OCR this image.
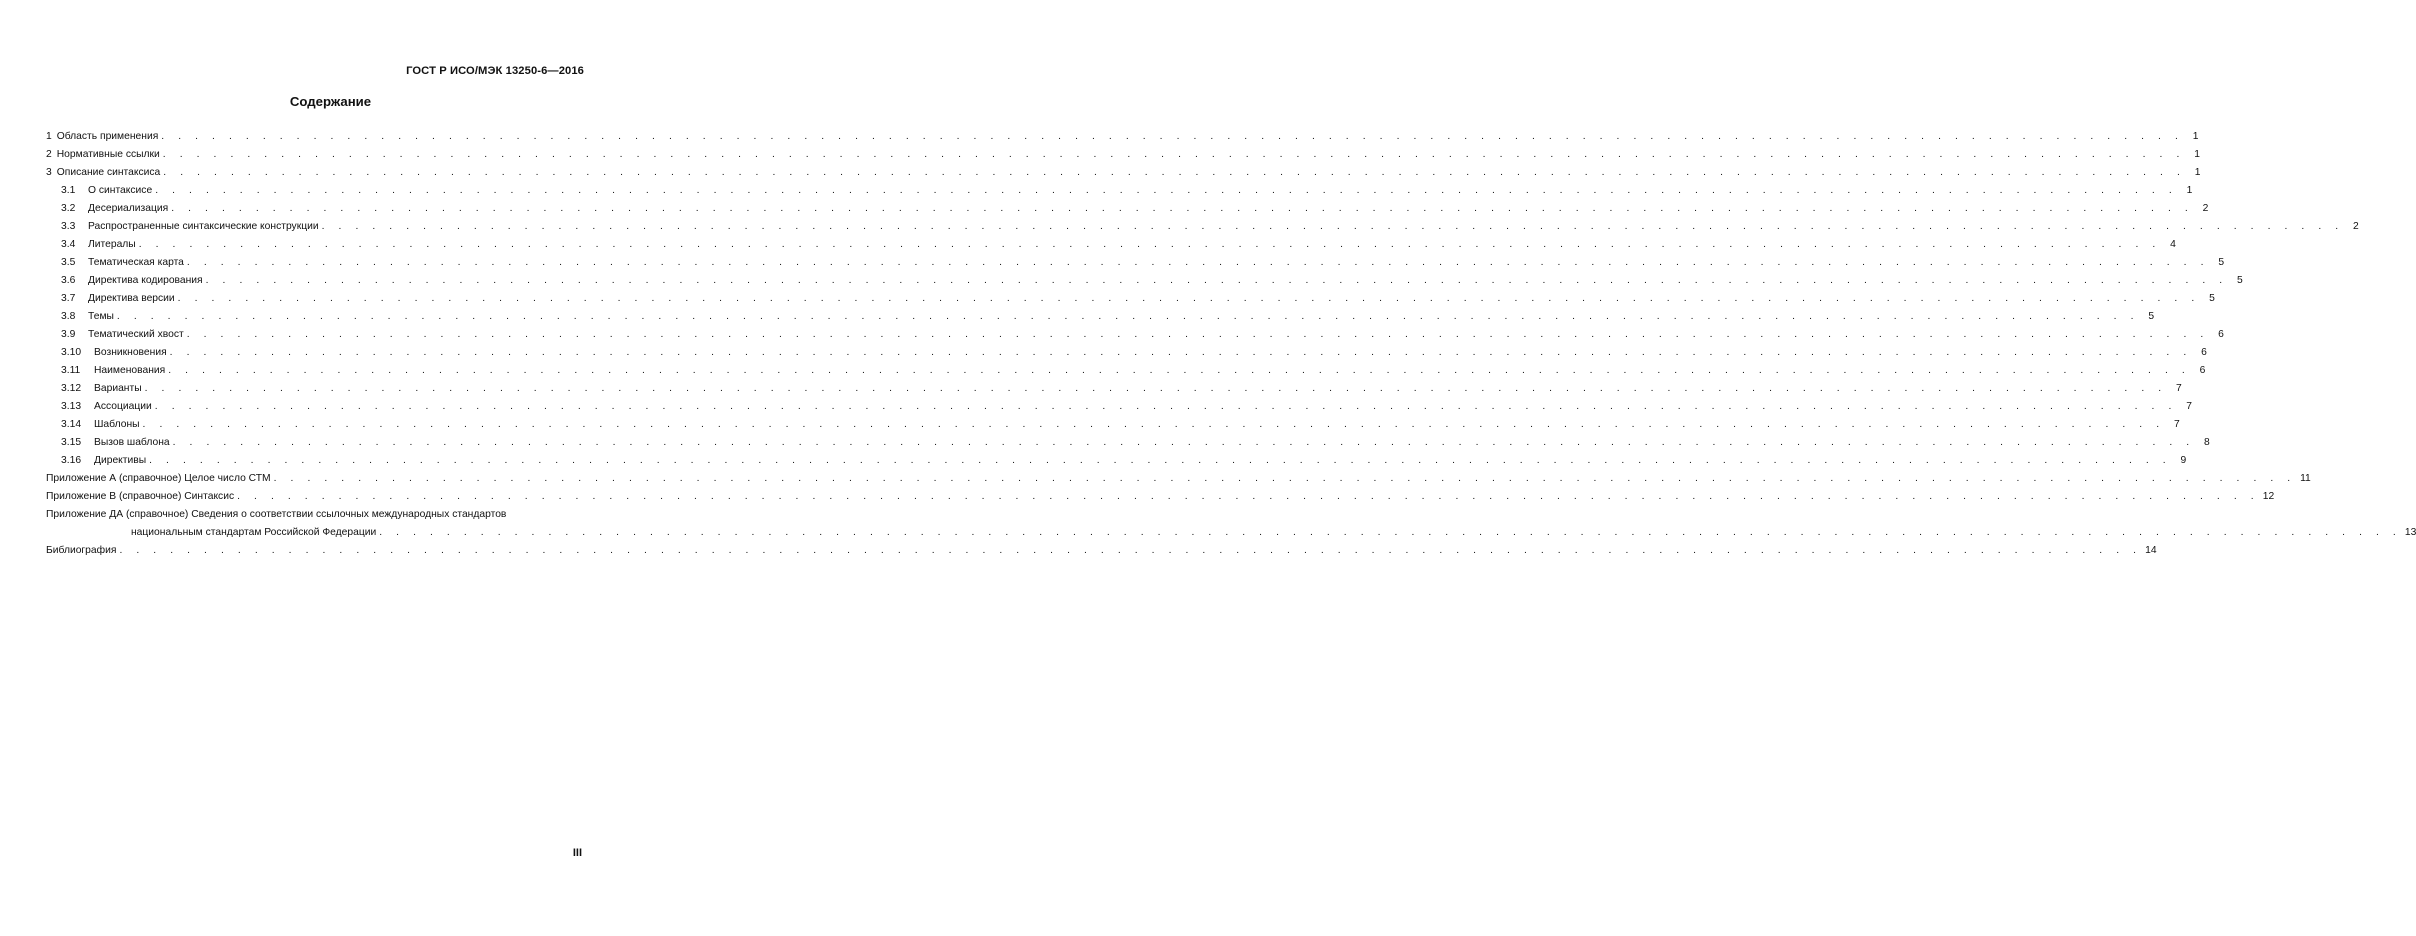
ГОСТ Р ИСО/МЭК 13250-6—2016
Содержание
1 Область применения . . . . . . . . . . . . . . . . . . . . . . . . . . . . . . . . . . . . . . . . . . . . . . . . . . . . . . . . . . . . . . . . . . . . . . . . . . . . . . . . . . . . . . . . . . . . . . . . . . . . . . . . . . . . . . . . . . . . . . . . 1
2 Нормативные ссылки . . . . . . . . . . . . . . . . . . . . . . . . . . . . . . . . . . . . . . . . . . . . . . . . . . . . . . . . . . . . . . . . . . . . . . . . . . . . . . . . . . . . . . . . . . . . . . . . . . . . . . . . . . . . . . . . . . . . . . . . 1
3 Описание синтаксиса . . . . . . . . . . . . . . . . . . . . . . . . . . . . . . . . . . . . . . . . . . . . . . . . . . . . . . . . . . . . . . . . . . . . . . . . . . . . . . . . . . . . . . . . . . . . . . . . . . . . . . . . . . . . . . . . . . . . . . . . 1
3.1 О синтаксисе . . . . . . . . . . . . . . . . . . . . . . . . . . . . . . . . . . . . . . . . . . . . . . . . . . . . . . . . . . . . . . . . . . . . . . . . . . . . . . . . . . . . . . . . . . . . . . . . . . . . . . . . . . . . . . . . . . . . . . . . 1
3.2 Десериализация . . . . . . . . . . . . . . . . . . . . . . . . . . . . . . . . . . . . . . . . . . . . . . . . . . . . . . . . . . . . . . . . . . . . . . . . . . . . . . . . . . . . . . . . . . . . . . . . . . . . . . . . . . . . . . . . . . . . . . . . 2
3.3 Распространенные синтаксические конструкции . . . . . . . . . . . . . . . . . . . . . . . . . . . . . . . . . . . . . . . . . . . . . . . . . . . . . . . . . . . . . . . . . . . . . . . . . . . . . . . . . . . . . . . . . . . . . . . . . . . . . . . . . . . . . . . . . . . . . . . . 2
3.4 Литералы . . . . . . . . . . . . . . . . . . . . . . . . . . . . . . . . . . . . . . . . . . . . . . . . . . . . . . . . . . . . . . . . . . . . . . . . . . . . . . . . . . . . . . . . . . . . . . . . . . . . . . . . . . . . . . . . . . . . . . . . 4
3.5 Тематическая карта . . . . . . . . . . . . . . . . . . . . . . . . . . . . . . . . . . . . . . . . . . . . . . . . . . . . . . . . . . . . . . . . . . . . . . . . . . . . . . . . . . . . . . . . . . . . . . . . . . . . . . . . . . . . . . . . . . . . . . . . 5
3.6 Директива кодирования . . . . . . . . . . . . . . . . . . . . . . . . . . . . . . . . . . . . . . . . . . . . . . . . . . . . . . . . . . . . . . . . . . . . . . . . . . . . . . . . . . . . . . . . . . . . . . . . . . . . . . . . . . . . . . . . . . . . . . . . 5
3.7 Директива версии . . . . . . . . . . . . . . . . . . . . . . . . . . . . . . . . . . . . . . . . . . . . . . . . . . . . . . . . . . . . . . . . . . . . . . . . . . . . . . . . . . . . . . . . . . . . . . . . . . . . . . . . . . . . . . . . . . . . . . . . 5
3.8 Темы . . . . . . . . . . . . . . . . . . . . . . . . . . . . . . . . . . . . . . . . . . . . . . . . . . . . . . . . . . . . . . . . . . . . . . . . . . . . . . . . . . . . . . . . . . . . . . . . . . . . . . . . . . . . . . . . . . . . . . . . 5
3.9 Тематический хвост . . . . . . . . . . . . . . . . . . . . . . . . . . . . . . . . . . . . . . . . . . . . . . . . . . . . . . . . . . . . . . . . . . . . . . . . . . . . . . . . . . . . . . . . . . . . . . . . . . . . . . . . . . . . . . . . . . . . . . . . 6
3.10 Возникновения . . . . . . . . . . . . . . . . . . . . . . . . . . . . . . . . . . . . . . . . . . . . . . . . . . . . . . . . . . . . . . . . . . . . . . . . . . . . . . . . . . . . . . . . . . . . . . . . . . . . . . . . . . . . . . . . . . . . . . . . 6
3.11 Наименования . . . . . . . . . . . . . . . . . . . . . . . . . . . . . . . . . . . . . . . . . . . . . . . . . . . . . . . . . . . . . . . . . . . . . . . . . . . . . . . . . . . . . . . . . . . . . . . . . . . . . . . . . . . . . . . . . . . . . . . . 6
3.12 Варианты . . . . . . . . . . . . . . . . . . . . . . . . . . . . . . . . . . . . . . . . . . . . . . . . . . . . . . . . . . . . . . . . . . . . . . . . . . . . . . . . . . . . . . . . . . . . . . . . . . . . . . . . . . . . . . . . . . . . . . . . 7
3.13 Ассоциации . . . . . . . . . . . . . . . . . . . . . . . . . . . . . . . . . . . . . . . . . . . . . . . . . . . . . . . . . . . . . . . . . . . . . . . . . . . . . . . . . . . . . . . . . . . . . . . . . . . . . . . . . . . . . . . . . . . . . . . . 7
3.14 Шаблоны . . . . . . . . . . . . . . . . . . . . . . . . . . . . . . . . . . . . . . . . . . . . . . . . . . . . . . . . . . . . . . . . . . . . . . . . . . . . . . . . . . . . . . . . . . . . . . . . . . . . . . . . . . . . . . . . . . . . . . . . 7
3.15 Вызов шаблона . . . . . . . . . . . . . . . . . . . . . . . . . . . . . . . . . . . . . . . . . . . . . . . . . . . . . . . . . . . . . . . . . . . . . . . . . . . . . . . . . . . . . . . . . . . . . . . . . . . . . . . . . . . . . . . . . . . . . . . . 8
3.16 Директивы . . . . . . . . . . . . . . . . . . . . . . . . . . . . . . . . . . . . . . . . . . . . . . . . . . . . . . . . . . . . . . . . . . . . . . . . . . . . . . . . . . . . . . . . . . . . . . . . . . . . . . . . . . . . . . . . . . . . . . . . 9
Приложение А (справочное) Целое число СТМ . . . . . . . . . . . . . . . . . . . . . . . . . . . . . . . . . . . . . . . . . . . . . . . . . . . . . . . . . . . . . . . . . . . . . . . . . . . . . . . . . . . . . . . . . . . . . . . . . . . . . . . . . . . . . . . . . . . . . . . . 11
Приложение В (справочное) Синтаксис . . . . . . . . . . . . . . . . . . . . . . . . . . . . . . . . . . . . . . . . . . . . . . . . . . . . . . . . . . . . . . . . . . . . . . . . . . . . . . . . . . . . . . . . . . . . . . . . . . . . . . . . . . . . . . . . . . . . . . . . 12
Приложение ДА (справочное) Сведения о соответствии ссылочных международных стандартов
национальным стандартам Российской Федерации . . . . . . . . . . . . . . . . . . . . . . . . . . . . . . . . . . . . . . . . . . . . . . . . . . . . . . . . . . . . . . . . . . . . . . . . . . . . . . . . . . . . . . . . . . . . . . . . . . . . . . . . . . . . . . . . . . . . . . . . 13
Библиография . . . . . . . . . . . . . . . . . . . . . . . . . . . . . . . . . . . . . . . . . . . . . . . . . . . . . . . . . . . . . . . . . . . . . . . . . . . . . . . . . . . . . . . . . . . . . . . . . . . . . . . . . . . . . . . . . . . . . . . . 14
III
